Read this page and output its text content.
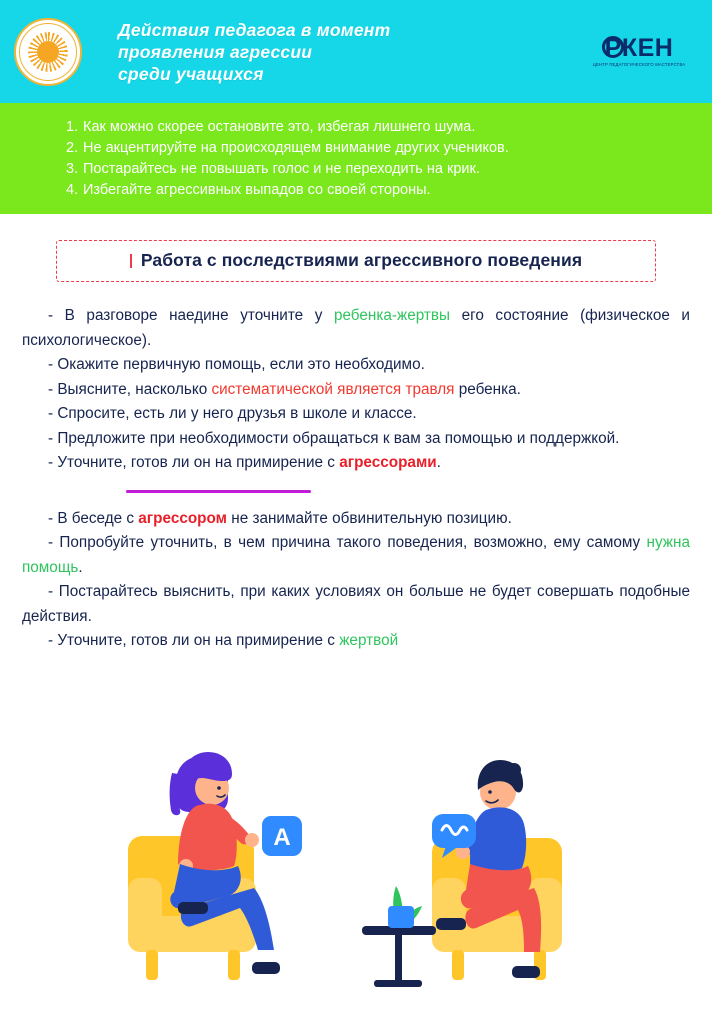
Действия педагога в момент
проявления агрессии
среди учащихся
РКЕН
ЦЕНТР ПЕДАГОГИЧЕСКОГО МАСТЕРСТВА
1. Как можно скорее остановите это, избегая лишнего шума.
2. Не акцентируйте на происходящем внимание других учеников.
3. Постарайтесь не повышать голос и не переходить на крик.
4. Избегайте агрессивных выпадов со своей стороны.
Работа с последствиями агрессивного поведения

- В разговоре наедине уточните у ребенка-жертвы его состояние (физическое и психологическое).

- Окажите первичную помощь, если это необходимо.

- Выясните, насколько систематической является травля ребенка.

- Спросите, есть ли у него друзья в школе и классе.

- Предложите при необходимости обращаться к вам за помощью и поддержкой.

- Уточните, готов ли он на примирение с агрессорами.

- В беседе с агрессором не занимайте обвинительную позицию.

- Попробуйте уточнить, в чем причина такого поведения, возможно, ему самому нужна помощь.

- Постарайтесь выяснить, при каких условиях он больше не будет совершать подобные действия.

- Уточните, готов ли он на примирение с жертвой

A
